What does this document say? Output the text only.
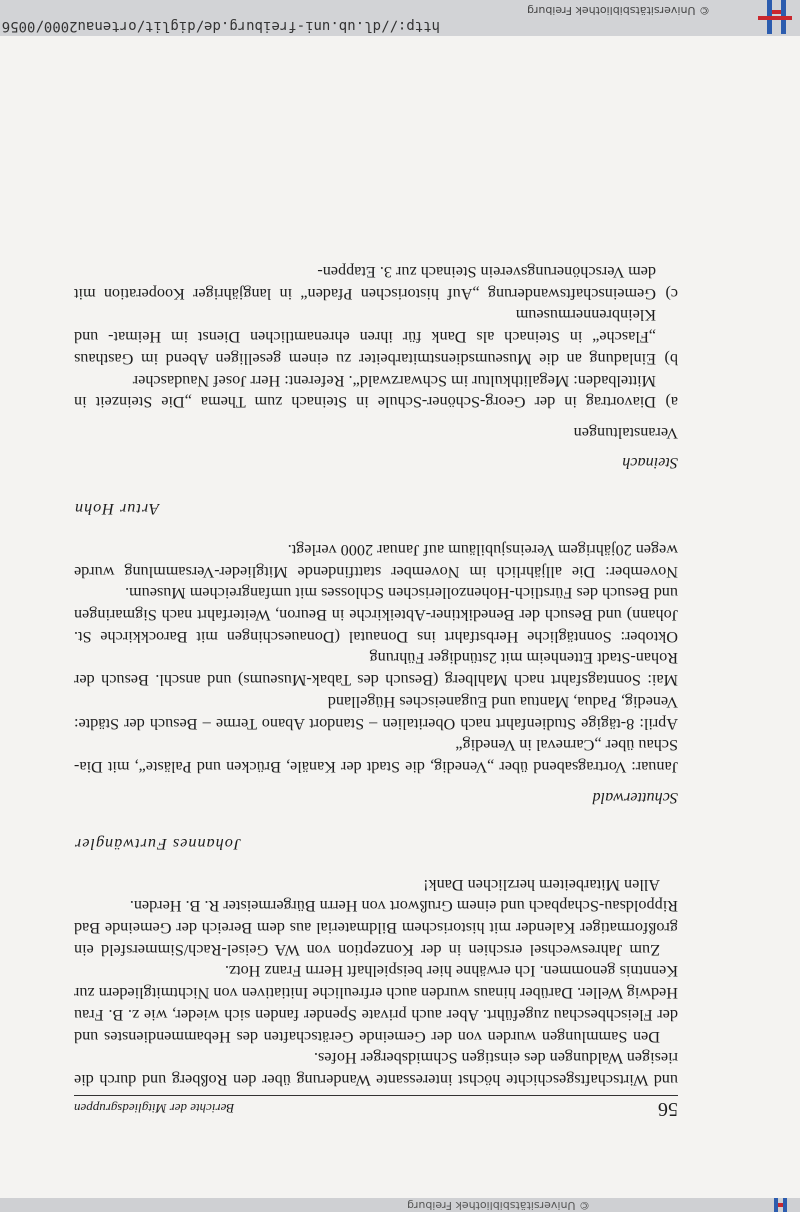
© Universitätsbibliothek Freiburg
56
Berichte der Mitgliedsgruppen

und Wirtschaftsgeschichte höchst interessante Wanderung über den Roßberg und durch die riesigen Waldungen des einstigen Schmidsberger Hofes.

Den Sammlungen wurden von der Gemeinde Gerätschaften des Hebammendienstes und der Fleischbeschau zugeführt. Aber auch private Spender fanden sich wieder, wie z. B. Frau Hedwig Weller. Darüber hinaus wurden auch erfreuliche Initiativen von Nichtmitgliedern zur Kenntnis genommen. Ich erwähne hier beispielhaft Herrn Franz Hotz.

Zum Jahreswechsel erschien in der Konzeption von WA Geisel-Rach/Simmersfeld ein großformatiger Kalender mit historischem Bildmaterial aus dem Bereich der Gemeinde Bad Rippoldsau-Schapbach und einem Grußwort von Herrn Bürgermeister R. B. Herden.

Allen Mitarbeitern herzlichen Dank!

Johannes Furtwängler
Schutterwald

Januar: Vortragsabend über „Venedig, die Stadt der Kanäle, Brücken und Paläste“, mit Dia-Schau über „Carneval in Venedig“

April: 8-tägige Studienfahrt nach Oberitalien – Standort Abano Terme – Besuch der Städte: Venedig, Padua, Mantua und Euganeisches Hügelland

Mai: Sonntagsfahrt nach Mahlberg (Besuch des Tabak-Museums) und anschl. Besuch der Rohan-Stadt Ettenheim mit 2stündiger Führung

Oktober: Sonntägliche Herbstfahrt ins Donautal (Donaueschingen mit Barockkirche St. Johann) und Besuch der Benediktiner-Abteikirche in Beuron, Weiterfahrt nach Sigmaringen und Besuch des Fürstlich-Hohenzollerischen Schlosses mit umfangreichem Museum.

November: Die alljährlich im November stattfindende Mitglieder-Versammlung wurde wegen 20jährigem Vereinsjubiläum auf Januar 2000 verlegt.

Artur Hohn
Steinach
Veranstaltungen
a)
Diavortrag in der Georg-Schöner-Schule in Steinach zum Thema „Die Steinzeit in Mittelbaden: Megalithkultur im Schwarzwald“. Referent: Herr Josef Naudascher
b)
Einladung an die Museumsdienstmitarbeiter zu einem geselligen Abend im Gasthaus „Flasche“ in Steinach als Dank für ihren ehrenamtlichen Dienst im Heimat- und Kleinbrennermuseum
c)
Gemeinschaftswanderung „Auf historischen Pfaden“ in langjähriger Kooperation mit dem Verschönerungsverein Steinach zur 3. Etappen-
http://dl.ub.uni-freiburg.de/diglit/ortenau2000/0056
© Universitätsbibliothek Freiburg
